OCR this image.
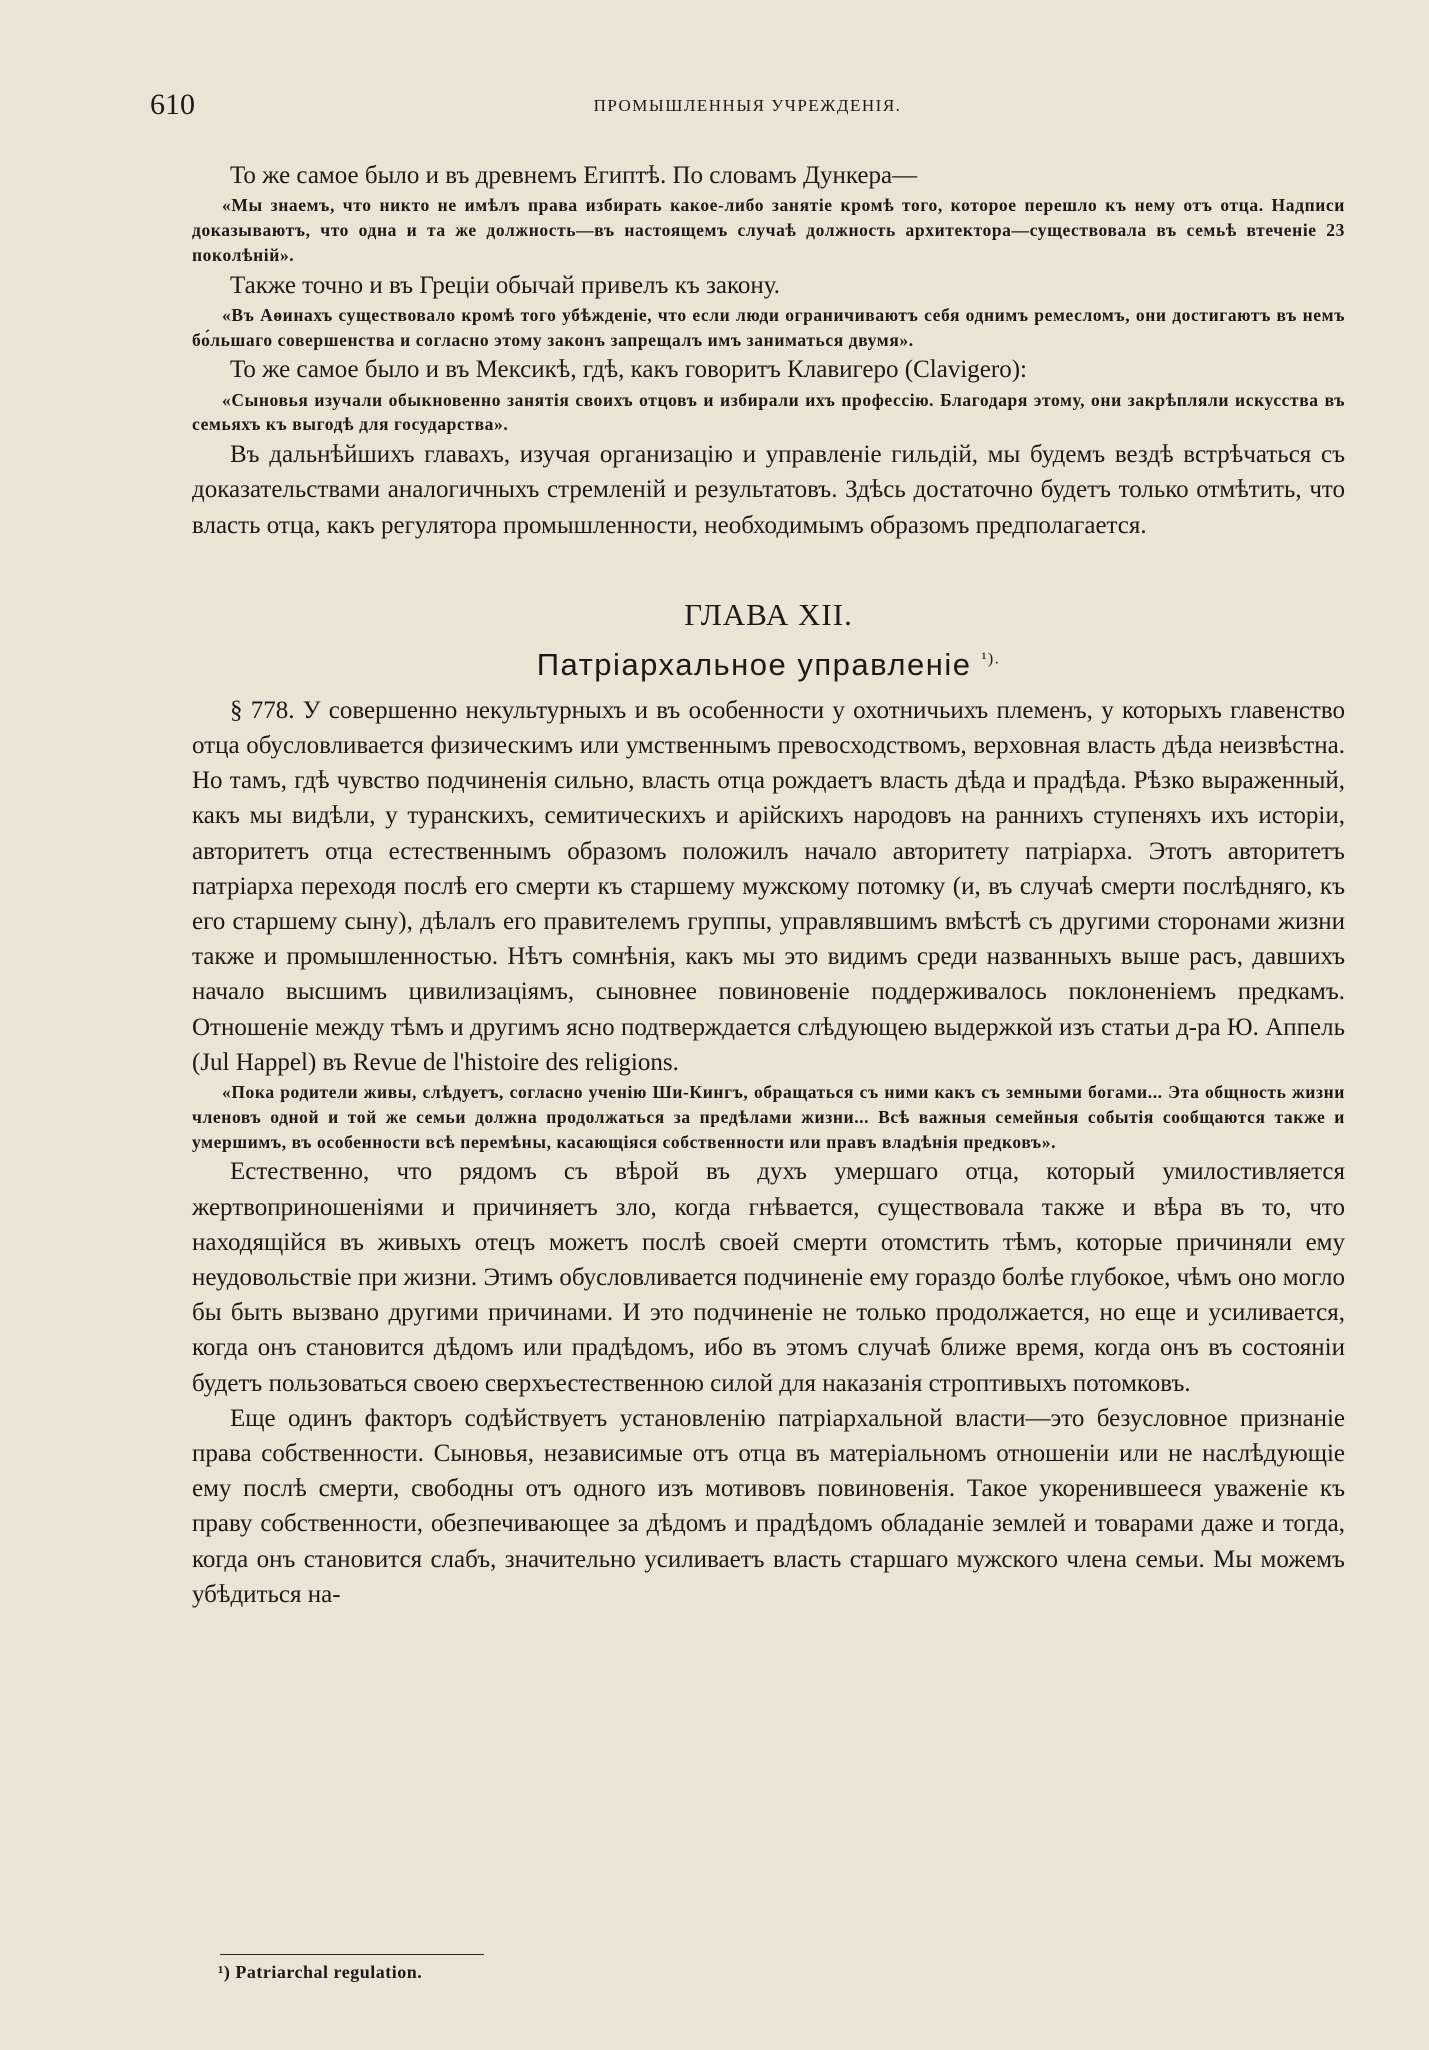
610	ПРОМЫШЛЕННЫЯ УЧРЕЖДЕНIЯ.

То же самое было и въ древнемъ Египтѣ. По словамъ Дункера—

«Мы знаемъ, что никто не имѣлъ права избирать какое-либо занятiе кромѣ того, которое перешло къ нему отъ отца. Надписи доказываютъ, что одна и та же должность—въ настоящемъ случаѣ должность архитектора—существовала въ семьѣ втеченiе 23 поколѣнiй».

Также точно и въ Грецiи обычай привелъ къ закону.

«Въ Аѳинахъ существовало кромѣ того убѣжденiе, что если люди ограничиваютъ себя однимъ ремесломъ, они достигаютъ въ немъ бо́льшаго совершенства и согласно этому законъ запрещалъ имъ заниматься двумя».

То же самое было и въ Мексикѣ, гдѣ, какъ говоритъ Клавигеро (Clavigero):

«Сыновья изучали обыкновенно занятiя своихъ отцовъ и избирали ихъ профессiю. Благодаря этому, они закрѣпляли искусства въ семьяхъ къ выгодѣ для государства».

Въ дальнѣйшихъ главахъ, изучая организацiю и управленiе гильдiй, мы будемъ вездѣ встрѣчаться съ доказательствами аналогичныхъ стремленiй и результатовъ. Здѣсь достаточно будетъ только отмѣтить, что власть отца, какъ регулятора промышленности, необходимымъ образомъ предполагается.

ГЛАВА XII.
Патрiархальное управленiе $^{^1).}$

§ 778. У совершенно некультурныхъ и въ особенности у охотничьихъ племенъ, у которыхъ главенство отца обусловливается физическимъ или умственнымъ превосходствомъ, верховная власть дѣда неизвѣстна. Но тамъ, гдѣ чувство подчиненiя сильно, власть отца рождаетъ власть дѣда и прадѣда. Рѣзко выраженный, какъ мы видѣли, у туранскихъ, семитическихъ и арiйскихъ народовъ на раннихъ ступеняхъ ихъ исторiи, авторитетъ отца естественнымъ образомъ положилъ начало авторитету патрiарха. Этотъ авторитетъ патрiарха переходя послѣ его смерти къ старшему мужскому потомку (и, въ случаѣ смерти послѣдняго, къ его старшему сыну), дѣлалъ его правителемъ группы, управлявшимъ вмѣстѣ съ другими сторонами жизни также и промышленностью. Нѣтъ сомнѣнiя, какъ мы это видимъ среди названныхъ выше расъ, давшихъ начало высшимъ цивилизацiямъ, сыновнее повиновенiе поддерживалось поклоненiемъ предкамъ. Отношенiе между тѣмъ и другимъ ясно подтверждается слѣдующею выдержкой изъ статьи д-ра Ю. Аппель (Jul Happel) въ Revue de l'histoire des religions.

«Пока родители живы, слѣдуетъ, согласно ученiю Ши-Кингъ, обращаться съ ними какъ съ земными богами... Эта общность жизни членовъ одной и той же семьи должна продолжаться за предѣлами жизни... Всѣ важныя семейныя событiя сообщаются также и умершимъ, въ особенности всѣ перемѣны, касающiяся собственности или правъ владѣнiя предковъ».

Естественно, что рядомъ съ вѣрой въ духъ умершаго отца, который умилостивляется жертвоприношенiями и причиняетъ зло, когда гнѣвается, существовала также и вѣра въ то, что находящiйся въ живыхъ отецъ можетъ послѣ своей смерти отомстить тѣмъ, которые причиняли ему неудовольствiе при жизни. Этимъ обусловливается подчиненiе ему гораздо болѣе глубокое, чѣмъ оно могло бы быть вызвано другими причинами. И это подчиненiе не только продолжается, но еще и усиливается, когда онъ становится дѣдомъ или прадѣдомъ, ибо въ этомъ случаѣ ближе время, когда онъ въ состоянiи будетъ пользоваться своею сверхъестественною силой для наказанiя строптивыхъ потомковъ.

Еще одинъ факторъ содѣйствуетъ установленiю патрiархальной власти—это безусловное признанiе права собственности. Сыновья, независимые отъ отца въ матерiальномъ отношенiи или не наслѣдующiе ему послѣ смерти, свободны отъ одного изъ мотивовъ повиновенiя. Такое укоренившееся уваженiе къ праву собственности, обезпечивающее за дѣдомъ и прадѣдомъ обладанiе землей и товарами даже и тогда, когда онъ становится слабъ, значительно усиливаетъ власть старшаго мужского члена семьи. Мы можемъ убѣдиться на-

¹) Patriarchal regulation.
